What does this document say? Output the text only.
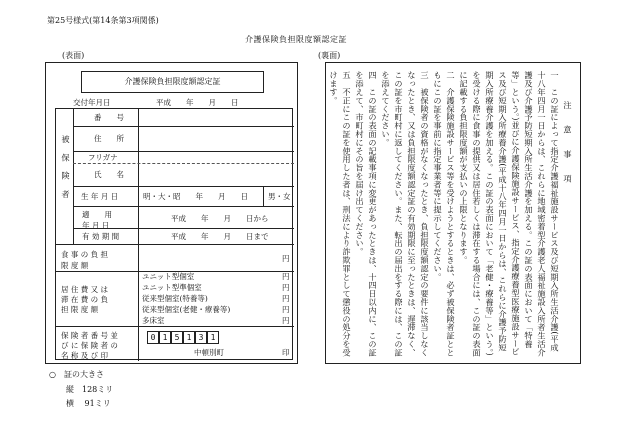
第25号様式(第14条第3項関係)
介護保険負担限度額認定証
(表面)	(裏面)
介護保険負担限度額認定証
交付年月日	平成　　年　　月　　日
被保険者
番　　号
住　　所
フリガナ
氏　　名
生 年 月 日	明・大・昭　　年　　月　　日	男・女
適　　用
年 月 日
平成　　年　　月　　日から
有 効 期 間	平成　　年　　月　　日まで
食 事 の 負 担
限 度 額
円
居 住 費 又 は
滞 在 費 の 負
担 限 度 額
ユニット型個室	円
ユニット型準個室	円
従来型個室(特養等)	円
従来型個室(老健・療養等)	円
多床室	円
保 険 者 番 号 並
び に 保 険 者 の
名 称 及 び 印
0 1 5 1 3 1
中頓別町	印
○ 証の大きさ
縦　128ミリ
横　 91ミリ
注　意　事　項
一　この証によって指定介護福祉施設サービス及び短期入所生活介護(平成十八年四月一日からは、これらに地域密着型介護老人福祉施設入所者生活介護及び介護予防短期入所生活介護を加える。この証の表面において「特養等」という。)並びに介護保険施設サービス、指定介護療養型医療施設サービス及び短期入所療養介護(平成十八年四月一日からは、これらに介護予防短期入所療養介護を加える。この証の表面において「老健・療養等」という。)を受ける際に食事の提供又は居住若しくは滞在する場合には、この証の表面に記載する負担限度額が支払いの上限となります。
二　介護保険施設サービス等を受けようとするときは、必ず被保険者証とともにこの証を事前に指定事業者等に提示してください。
三　被保険者の資格がなくなったとき、負担限度額認定の要件に該当しなくなったとき、又は負担限度額認定証の有効期限に至ったときは、遅滞なく、この証を市町村に返してください。また、転出の届出をする際には、この証を添えてください。
四　この証の表面の記載事項に変更があったときは、十四日以内に、この証を添えて、市町村にその旨を届け出てください。
五　不正にこの証を使用した者は、刑法により詐欺罪として懲役の処分を受けます。
